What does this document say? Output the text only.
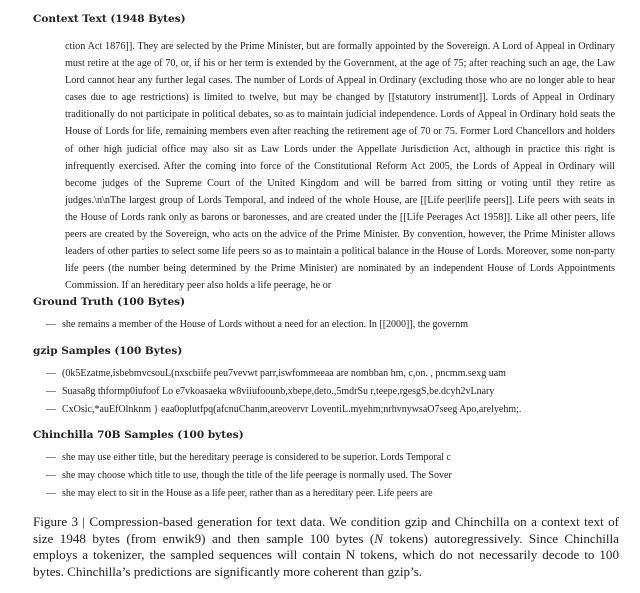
Context Text (1948 Bytes)

ction Act 1876]]. They are selected by the Prime Minister, but are formally appointed by the Sovereign. A Lord of Appeal in Ordinary must retire at the age of 70, or, if his or her term is extended by the Government, at the age of 75; after reaching such an age, the Law Lord cannot hear any further legal cases. The number of Lords of Appeal in Ordinary (excluding those who are no longer able to hear cases due to age restrictions) is limited to twelve, but may be changed by [[statutory instrument]]. Lords of Appeal in Ordinary traditionally do not participate in political debates, so as to maintain judicial independence. Lords of Appeal in Ordinary hold seats the House of Lords for life, remaining members even after reaching the retirement age of 70 or 75. Former Lord Chancellors and holders of other high judicial office may also sit as Law Lords under the Appellate Jurisdiction Act, although in practice this right is infrequently exercised. After the coming into force of the Constitutional Reform Act 2005, the Lords of Appeal in Ordinary will become judges of the Supreme Court of the United Kingdom and will be barred from sitting or voting until they retire as judges.\n\nThe largest group of Lords Temporal, and indeed of the whole House, are [[Life peer|life peers]]. Life peers with seats in the House of Lords rank only as barons or baronesses, and are created under the [[Life Peerages Act 1958]]. Like all other peers, life peers are created by the Sovereign, who acts on the advice of the Prime Minister. By convention, however, the Prime Minister allows leaders of other parties to select some life peers so as to maintain a political balance in the House of Lords. Moreover, some non-party life peers (the number being determined by the Prime Minister) are nominated by an independent House of Lords Appointments Commission. If an hereditary peer also holds a life peerage, he or

Ground Truth (100 Bytes)
— she remains a member of the House of Lords without a need for an election. In [[2000]], the governm
gzip Samples (100 Bytes)
— (0k5Ezatme,isbebmvcsouL(nxscbiife peu7vevwt parr,iswfommeeaa are nombban hm, c,on. , pncmm.sexg uam
— Suasa8g thformp0iufoof Lo e7vkoasaeka w8viiufoounb,xbepe,deto.,5mdrSu r,teepe,rgesgS,be.dcyh2vLnary
— CxOsic,*auEfOlnknm } eaa0oplutfpq(afcnuChanm,areovervr LoventiL.myehm;nrhvnywsaO7seeg Apo,arelyehm;.
Chinchilla 70B Samples (100 bytes)
— she may use either title, but the hereditary peerage is considered to be superior. Lords Temporal c
— she may choose which title to use, though the title of the life peerage is normally used. The Sover
— she may elect to sit in the House as a life peer, rather than as a hereditary peer. Life peers are

Figure 3 | Compression-based generation for text data. We condition gzip and Chinchilla on a context text of size 1948 bytes (from enwik9) and then sample 100 bytes (N tokens) autoregressively. Since Chinchilla employs a tokenizer, the sampled sequences will contain N tokens, which do not necessarily decode to 100 bytes. Chinchilla’s predictions are significantly more coherent than gzip’s.
